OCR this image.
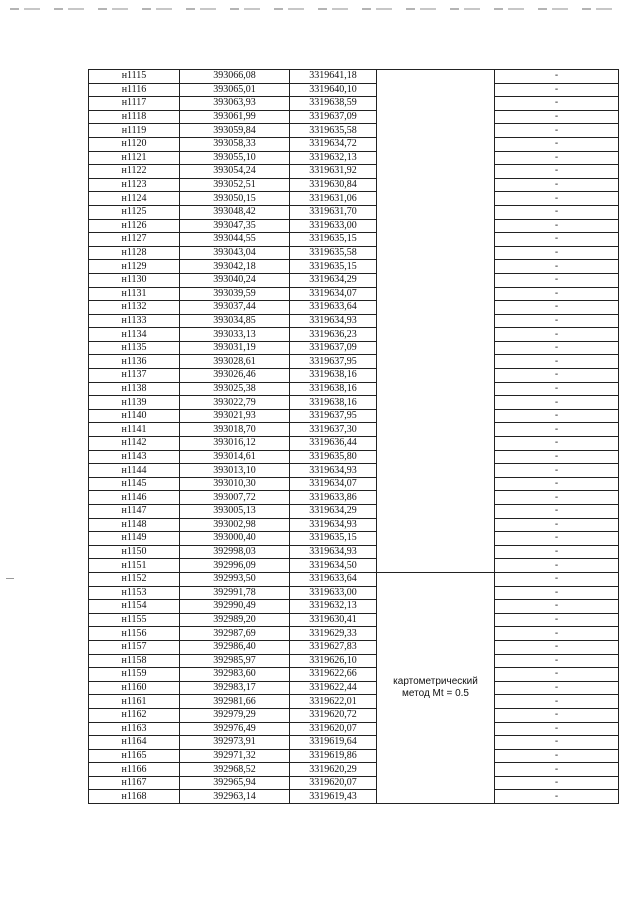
н1115	393066,08	3319641,18		-
н1116	393065,01	3319640,10		-
н1117	393063,93	3319638,59		-
н1118	393061,99	3319637,09		-
н1119	393059,84	3319635,58		-
н1120	393058,33	3319634,72		-
н1121	393055,10	3319632,13		-
н1122	393054,24	3319631,92		-
н1123	393052,51	3319630,84		-
н1124	393050,15	3319631,06		-
н1125	393048,42	3319631,70		-
н1126	393047,35	3319633,00		-
н1127	393044,55	3319635,15		-
н1128	393043,04	3319635,58		-
н1129	393042,18	3319635,15		-
н1130	393040,24	3319634,29		-
н1131	393039,59	3319634,07		-
н1132	393037,44	3319633,64		-
н1133	393034,85	3319634,93		-
н1134	393033,13	3319636,23		-
н1135	393031,19	3319637,09		-
н1136	393028,61	3319637,95		-
н1137	393026,46	3319638,16		-
н1138	393025,38	3319638,16		-
н1139	393022,79	3319638,16		-
н1140	393021,93	3319637,95		-
н1141	393018,70	3319637,30		-
н1142	393016,12	3319636,44		-
н1143	393014,61	3319635,80		-
н1144	393013,10	3319634,93		-
н1145	393010,30	3319634,07		-
н1146	393007,72	3319633,86		-
н1147	393005,13	3319634,29		-
н1148	393002,98	3319634,93		-
н1149	393000,40	3319635,15		-
н1150	392998,03	3319634,93		-
н1151	392996,09	3319634,50		-
н1152	392993,50	3319633,64	картометрический
метод Mt = 0.5	-
н1153	392991,78	3319633,00		-
н1154	392990,49	3319632,13		-
н1155	392989,20	3319630,41		-
н1156	392987,69	3319629,33		-
н1157	392986,40	3319627,83		-
н1158	392985,97	3319626,10		-
н1159	392983,60	3319622,66		-
н1160	392983,17	3319622,44		-
н1161	392981,66	3319622,01		-
н1162	392979,29	3319620,72		-
н1163	392976,49	3319620,07		-
н1164	392973,91	3319619,64		-
н1165	392971,32	3319619,86		-
н1166	392968,52	3319620,29		-
н1167	392965,94	3319620,07		-
н1168	392963,14	3319619,43		-
